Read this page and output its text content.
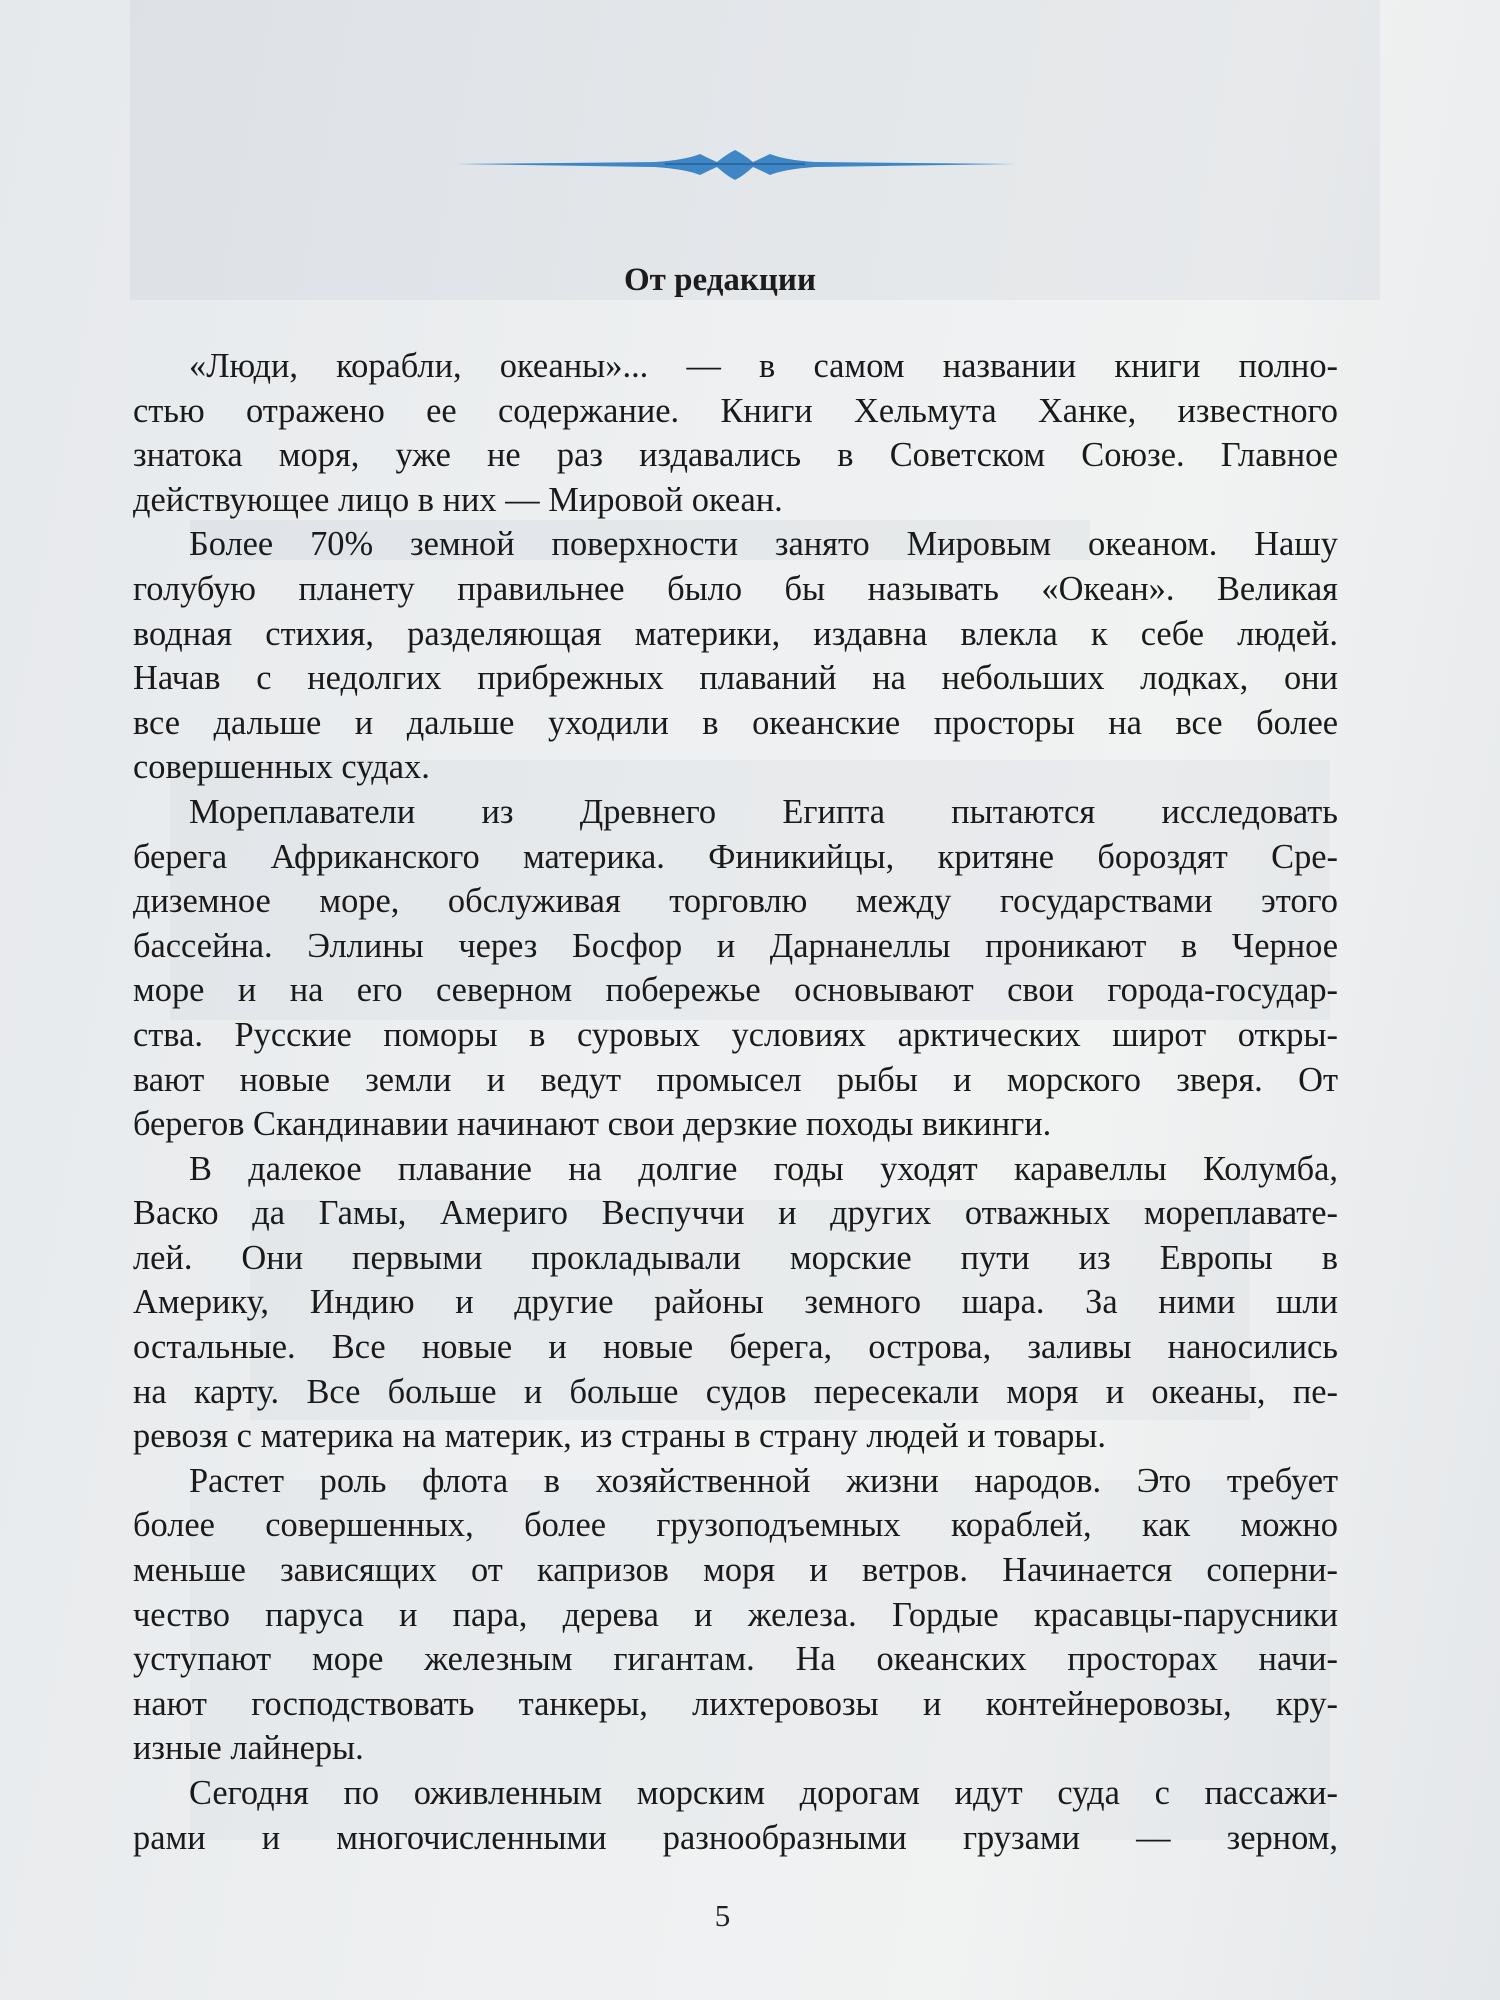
От редакции

«Люди, корабли, океаны»... — в самом названии книги полно-
стью отражено ее содержание. Книги Хельмута Ханке, известного
знатока моря, уже не раз издавались в Советском Союзе. Главное
действующее лицо в них — Мировой океан.

Более 70% земной поверхности занято Мировым океаном. Нашу
голубую планету правильнее было бы называть «Океан». Великая
водная стихия, разделяющая материки, издавна влекла к себе людей.
Начав с недолгих прибрежных плаваний на небольших лодках, они
все дальше и дальше уходили в океанские просторы на все более
совершенных судах.

Мореплаватели из Древнего Египта пытаются исследовать
берега Африканского материка. Финикийцы, критяне бороздят Сре-
диземное море, обслуживая торговлю между государствами этого
бассейна. Эллины через Босфор и Дарнанеллы проникают в Черное
море и на его северном побережье основывают свои города-государ-
ства. Русские поморы в суровых условиях арктических широт откры-
вают новые земли и ведут промысел рыбы и морского зверя. От
берегов Скандинавии начинают свои дерзкие походы викинги.

В далекое плавание на долгие годы уходят каравеллы Колумба,
Васко да Гамы, Америго Веспуччи и других отважных мореплавате-
лей. Они первыми прокладывали морские пути из Европы в
Америку, Индию и другие районы земного шара. За ними шли
остальные. Все новые и новые берега, острова, заливы наносились
на карту. Все больше и больше судов пересекали моря и океаны, пе-
ревозя с материка на материк, из страны в страну людей и товары.

Растет роль флота в хозяйственной жизни народов. Это требует
более совершенных, более грузоподъемных кораблей, как можно
меньше зависящих от капризов моря и ветров. Начинается соперни-
чество паруса и пара, дерева и железа. Гордые красавцы-парусники
уступают море железным гигантам. На океанских просторах начи-
нают господствовать танкеры, лихтеровозы и контейнеровозы, кру-
изные лайнеры.

Сегодня по оживленным морским дорогам идут суда с пассажи-
рами и многочисленными разнообразными грузами — зерном,

5
